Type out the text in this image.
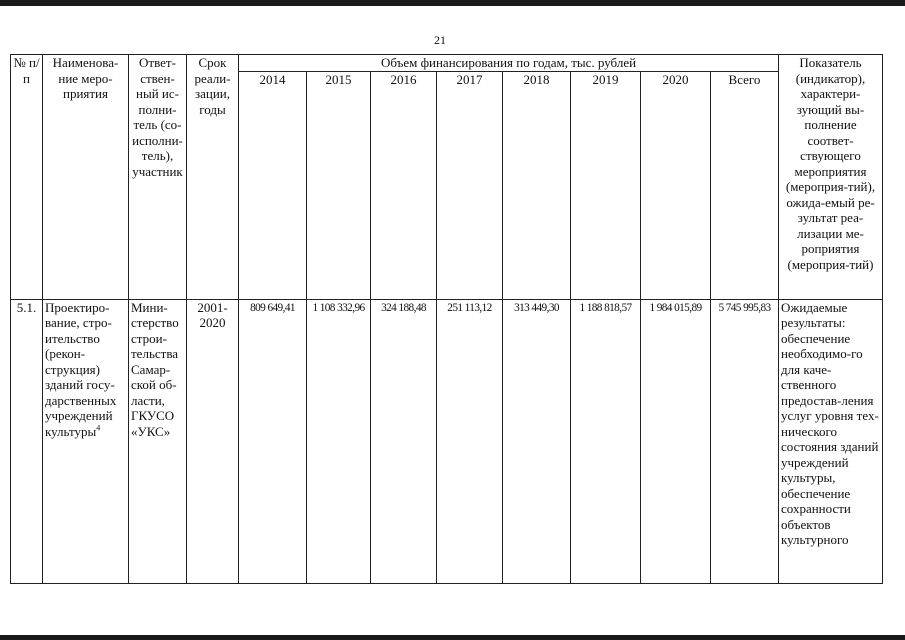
21
№ п/п	Наименова-ние меро-приятия	Ответ-ствен-ный ис-полни-тель (со-исполни-тель), участник	Срок реали-зации, годы	Объем финансирования по годам, тыс. рублей								Показатель (индикатор), характери-зующий вы-полнение соответ-ствующего мероприятия (мероприя-тий), ожида-емый ре-зультат реа-лизации ме-роприятия (мероприя-тий)
				2014	2015	2016	2017	2018	2019	2020	Всего	
5.1.	Проектиро-вание, стро-ительство (рекон-струкция) зданий госу-дарственных учреждений культуры$^4$	Мини-стерство строи-тельства Самар-ской об-ласти, ГКУСО «УКС»	2001-2020	809 649,41	1 108 332,96	324 188,48	251 113,12	313 449,30	1 188 818,57	1 984 015,89	5 745 995,83	Ожидаемые результаты: обеспечение необходимо-го для каче-ственного предостав-ления услуг уровня тех-нического состояния зданий учреждений культуры, обеспечение сохранности объектов культурного
